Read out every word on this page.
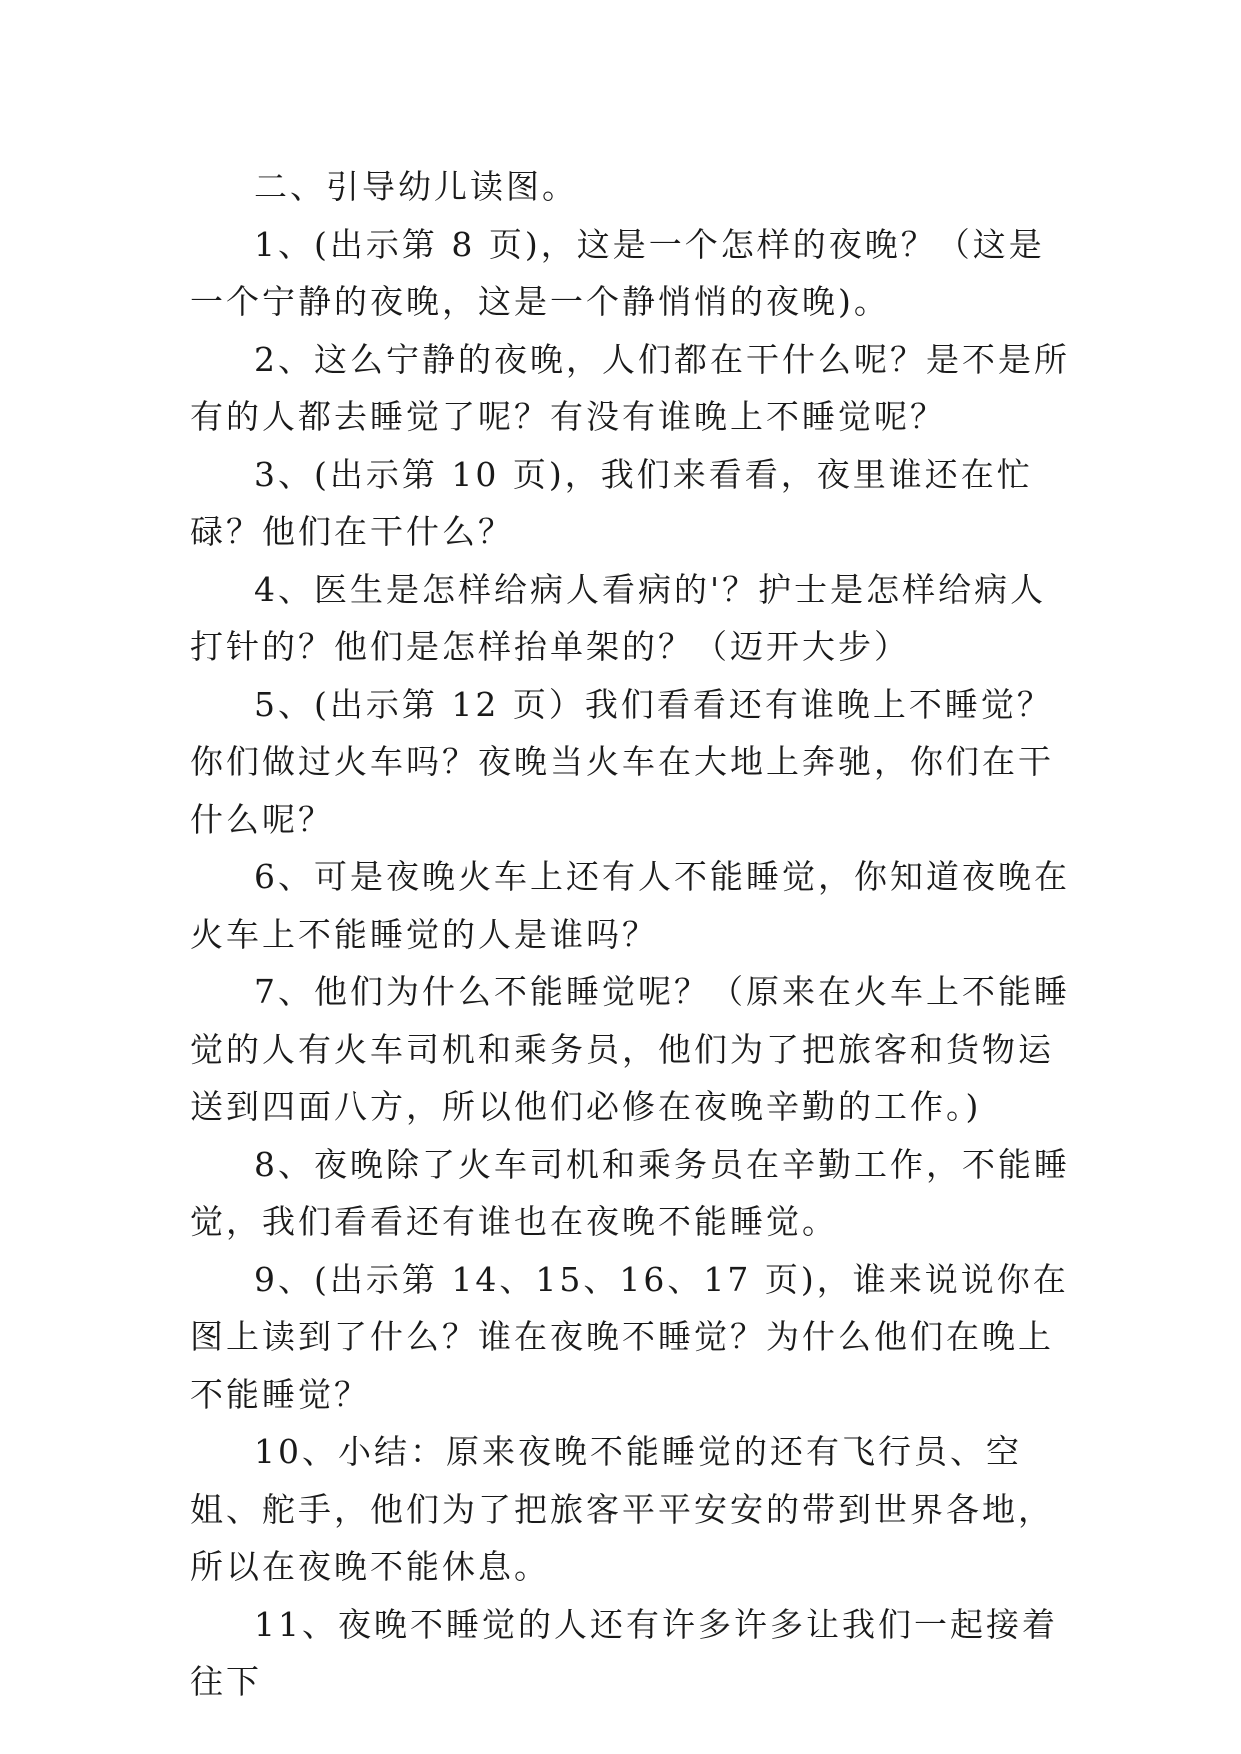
二、引导幼儿读图。

1、(出示第 8 页)，这是一个怎样的夜晚？（这是一个宁静的夜晚，这是一个静悄悄的夜晚)。

2、这么宁静的夜晚，人们都在干什么呢？是不是所有的人都去睡觉了呢？有没有谁晚上不睡觉呢？

3、(出示第 10 页)，我们来看看，夜里谁还在忙碌？他们在干什么？

4、医生是怎样给病人看病的'？护士是怎样给病人打针的？他们是怎样抬单架的？（迈开大步）

5、(出示第 12 页）我们看看还有谁晚上不睡觉？你们做过火车吗？夜晚当火车在大地上奔驰，你们在干什么呢？

6、可是夜晚火车上还有人不能睡觉，你知道夜晚在火车上不能睡觉的人是谁吗？

7、他们为什么不能睡觉呢？（原来在火车上不能睡觉的人有火车司机和乘务员，他们为了把旅客和货物运送到四面八方，所以他们必修在夜晚辛勤的工作。)

8、夜晚除了火车司机和乘务员在辛勤工作，不能睡觉，我们看看还有谁也在夜晚不能睡觉。

9、(出示第 14、15、16、17 页)，谁来说说你在图上读到了什么？谁在夜晚不睡觉？为什么他们在晚上不能睡觉？

10、小结：原来夜晚不能睡觉的还有飞行员、空姐、舵手，他们为了把旅客平平安安的带到世界各地，所以在夜晚不能休息。

11、夜晚不睡觉的人还有许多许多让我们一起接着往下
